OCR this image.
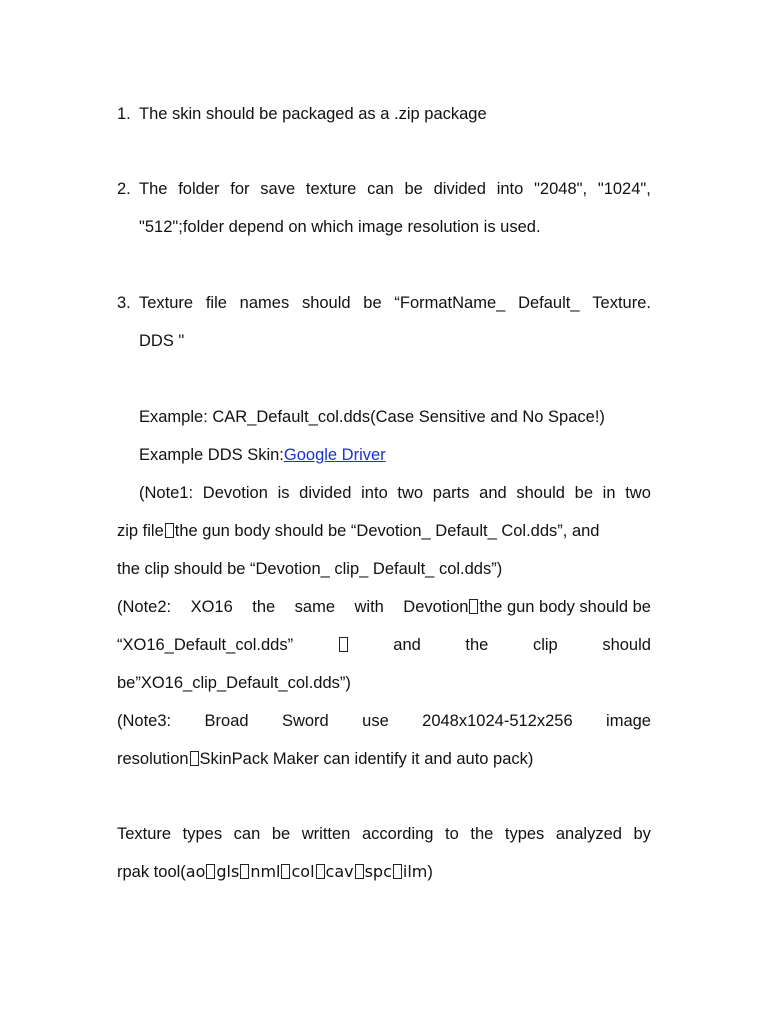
1. The skin should be packaged as a .zip package
2. The folder for save texture can be divided into "2048", "1024",
"512";folder depend on which image resolution is used.
3. Texture file names should be “FormatName_ Default_ Texture.
DDS "
Example: CAR_Default_col.dds(Case Sensitive and No Space!)
Example DDS Skin:Google Driver
(Note1: Devotion is divided into two parts and should be in two
zip file the gun body should be “Devotion_ Default_ Col.dds”, and
the clip should be “Devotion_ clip_ Default_ col.dds”)
(Note2: XO16 the same with Devotion the gun body should be
“XO16_Default_col.dds”	and	the	clip	should
be”XO16_clip_Default_col.dds”)
(Note3: Broad Sword use 2048x1024-512x256 image
resolution SkinPack Maker can identify it and auto pack)
Texture types can be written according to the types analyzed by
rpak tool(ao gls nml col cav spc ilm)
